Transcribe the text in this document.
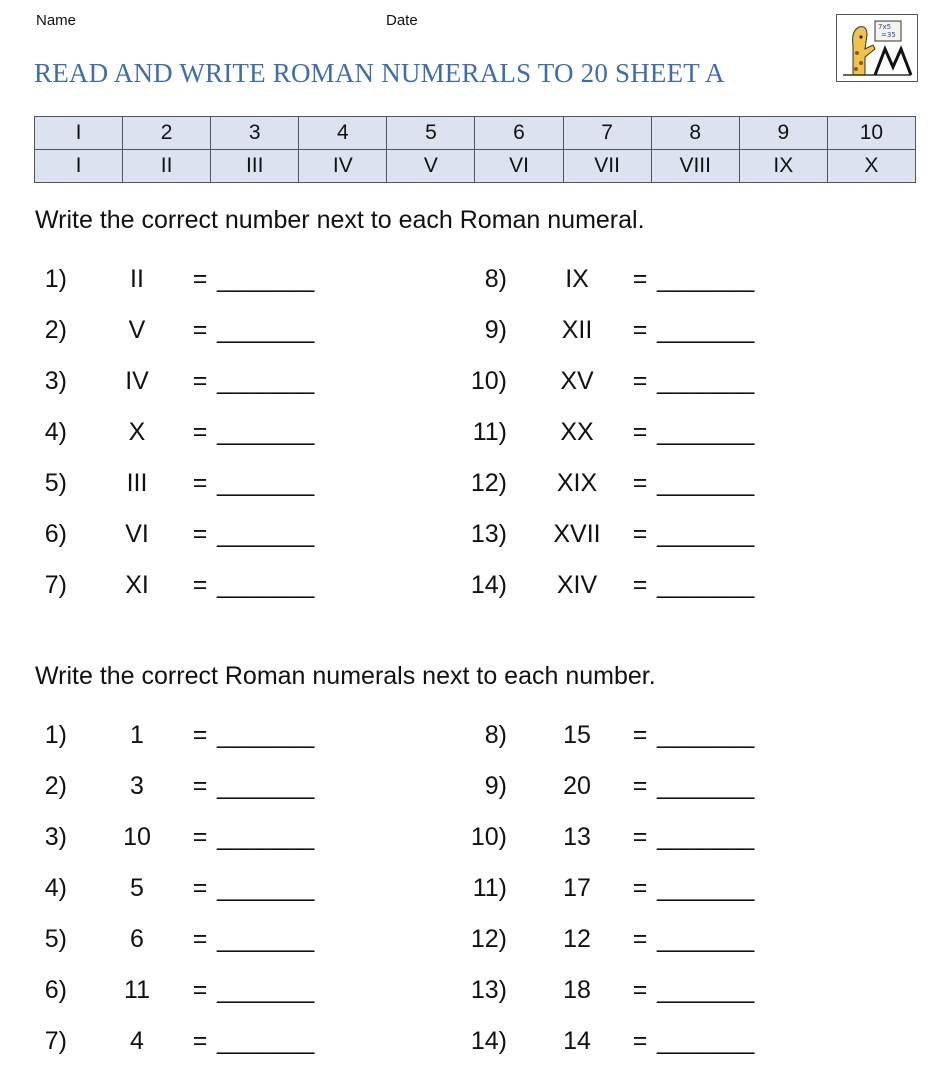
Name	Date
READ AND WRITE ROMAN NUMERALS TO 20 SHEET A
7x5
=35
I	2	3	4	5	6	7	8	9	10
I	II	III	IV	V	VI	VII	VIII	IX	X
Write the correct number next to each Roman numeral.
1)	II	= _______
2)	V	= _______
3)	IV	= _______
4)	X	= _______
5)	III	= _______
6)	VI	= _______
7)	XI	= _______
8)	IX	= _______
9)	XII	= _______
10)	XV	= _______
11)	XX	= _______
12)	XIX	= _______
13)	XVII	= _______
14)	XIV	= _______
Write the correct Roman numerals next to each number.
1)	1	= _______
2)	3	= _______
3)	10	= _______
4)	5	= _______
5)	6	= _______
6)	11	= _______
7)	4	= _______
8)	15	= _______
9)	20	= _______
10)	13	= _______
11)	17	= _______
12)	12	= _______
13)	18	= _______
14)	14	= _______
